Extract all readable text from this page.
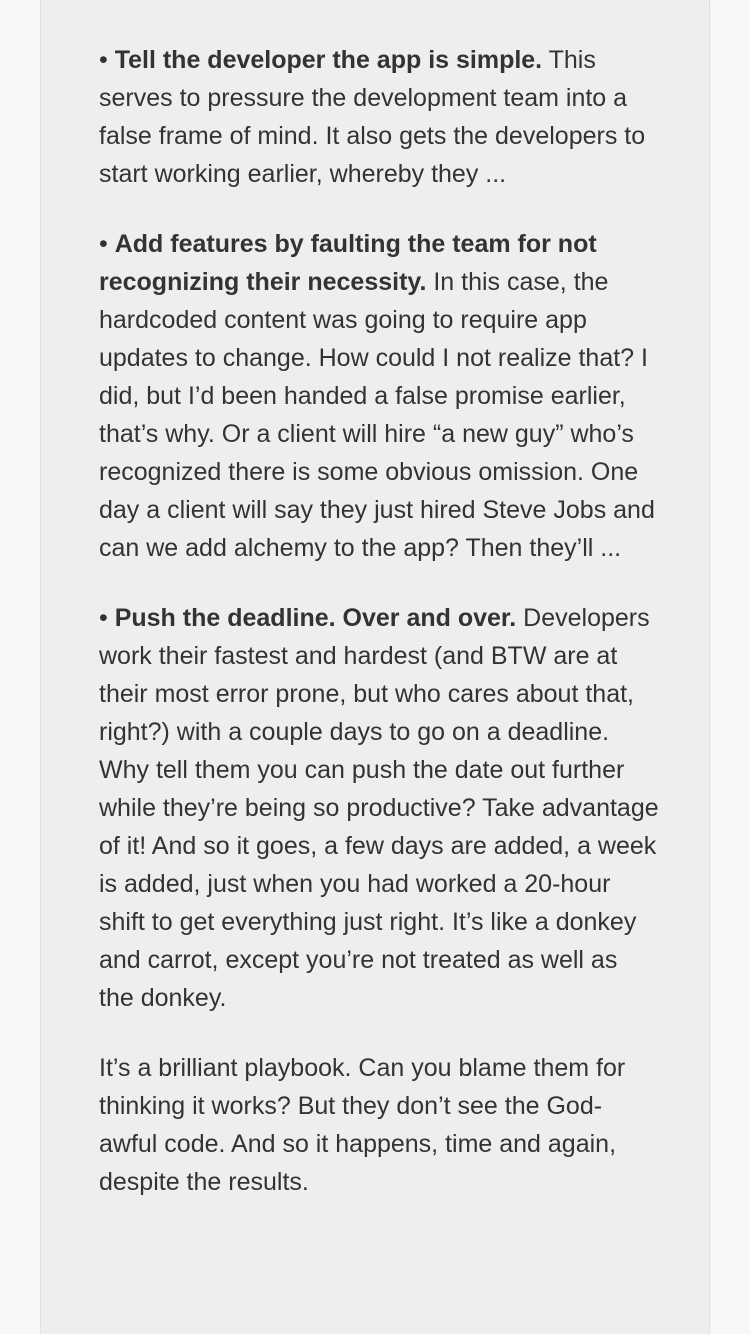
• Tell the developer the app is simple. This serves to pressure the development team into a false frame of mind. It also gets the developers to start working earlier, whereby they ...

• Add features by faulting the team for not recognizing their necessity. In this case, the hardcoded content was going to require app updates to change. How could I not realize that? I did, but I’d been handed a false promise earlier, that’s why. Or a client will hire “a new guy” who’s recognized there is some obvious omission. One day a client will say they just hired Steve Jobs and can we add alchemy to the app? Then they’ll ...

• Push the deadline. Over and over. Developers work their fastest and hardest (and BTW are at their most error prone, but who cares about that, right?) with a couple days to go on a deadline. Why tell them you can push the date out further while they’re being so productive? Take advantage of it! And so it goes, a few days are added, a week is added, just when you had worked a 20-hour shift to get everything just right. It’s like a donkey and carrot, except you’re not treated as well as the donkey.

It’s a brilliant playbook. Can you blame them for thinking it works? But they don’t see the God-awful code. And so it happens, time and again, despite the results.
